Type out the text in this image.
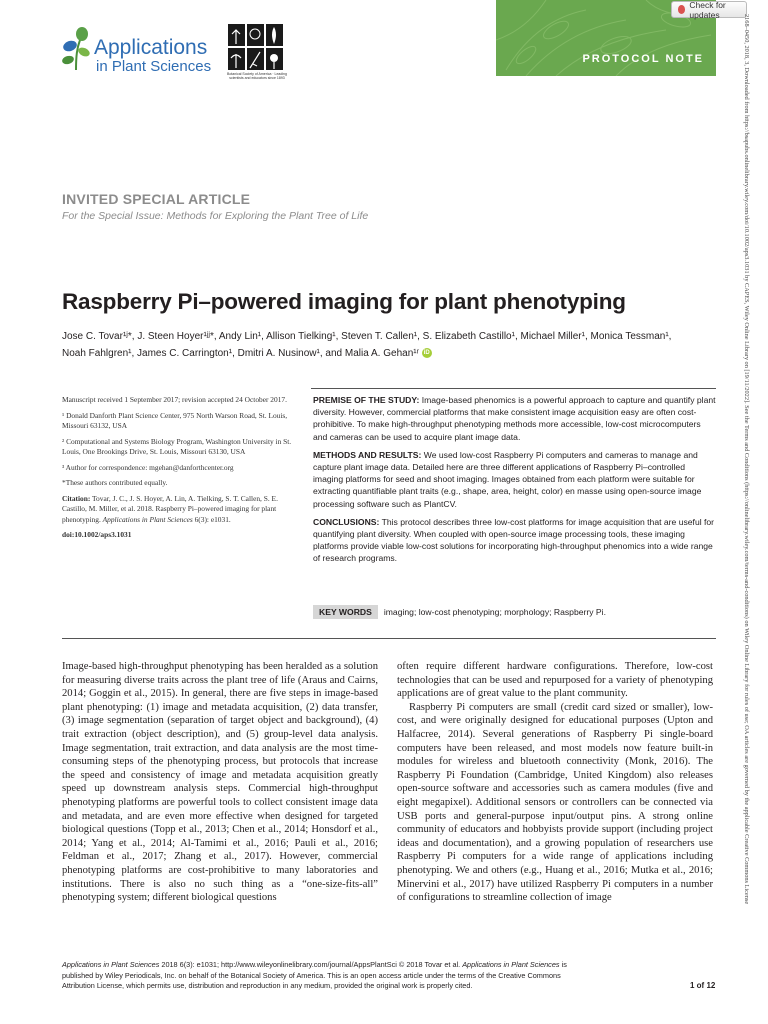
Applications
in Plant Sciences	Botanical Society of America · Leading scientists and educators since 1893
PROTOCOL NOTE
Check for updates	2168–0450, 2018, 3, Downloaded from https://bsapubs.onlinelibrary.wiley.com/doi/10.1002/aps3.1031 by CAPES, Wiley Online Library on [19/11/2022]. See the Terms and Conditions (https://onlinelibrary.wiley.com/terms-and-conditions) on Wiley Online Library for rules of use; OA articles are governed by the applicable Creative Commons License
INVITED SPECIAL ARTICLE
For the Special Issue: Methods for Exploring the Plant Tree of Life
Raspberry Pi–powered imaging for plant phenotyping
Jose C. Tovar¹ʲ*, J. Steen Hoyer¹ʲʲ*, Andy Lin¹, Allison Tielking¹, Steven T. Callen¹, S. Elizabeth Castillo¹, Michael Miller¹, Monica Tessman¹,
Noah Fahlgren¹, James C. Carrington¹, Dmitri A. Nusinow¹, and Malia A. Gehan¹ʳ iD

Manuscript received 1 September 2017; revision accepted 24 October 2017.

¹ Donald Danforth Plant Science Center, 975 North Warson Road, St. Louis, Missouri 63132, USA

² Computational and Systems Biology Program, Washington University in St. Louis, One Brookings Drive, St. Louis, Missouri 63130, USA

³ Author for correspondence: mgehan@danforthcenter.org

*These authors contributed equally.

Citation: Tovar, J. C., J. S. Hoyer, A. Lin, A. Tielking, S. T. Callen, S. E. Castillo, M. Miller, et al. 2018. Raspberry Pi–powered imaging for plant phenotyping. Applications in Plant Sciences 6(3): e1031.

doi:10.1002/aps3.1031

PREMISE OF THE STUDY: Image-based phenomics is a powerful approach to capture and quantify plant diversity. However, commercial platforms that make consistent image acquisition easy are often cost-prohibitive. To make high-throughput phenotyping methods more accessible, low-cost microcomputers and cameras can be used to acquire plant image data.

METHODS AND RESULTS: We used low-cost Raspberry Pi computers and cameras to manage and capture plant image data. Detailed here are three different applications of Raspberry Pi–controlled imaging platforms for seed and shoot imaging. Images obtained from each platform were suitable for extracting quantifiable plant traits (e.g., shape, area, height, color) en masse using open-source image processing software such as PlantCV.

CONCLUSIONS: This protocol describes three low-cost platforms for image acquisition that are useful for quantifying plant diversity. When coupled with open-source image processing tools, these imaging platforms provide viable low-cost solutions for incorporating high-throughput phenomics into a wide range of research programs.

KEY WORDS	imaging; low-cost phenotyping; morphology; Raspberry Pi.

Image-based high-throughput phenotyping has been heralded as a solution for measuring diverse traits across the plant tree of life (Araus and Cairns, 2014; Goggin et al., 2015). In general, there are five steps in image-based plant phenotyping: (1) image and metadata acquisition, (2) data transfer, (3) image segmentation (separation of target object and background), (4) trait extraction (object description), and (5) group-level data analysis. Image segmentation, trait extraction, and data analysis are the most time-consuming steps of the phenotyping process, but protocols that increase the speed and consistency of image and metadata acquisition greatly speed up downstream analysis steps. Commercial high-throughput phenotyping platforms are powerful tools to collect consistent image data and metadata, and are even more effective when designed for targeted biological questions (Topp et al., 2013; Chen et al., 2014; Honsdorf et al., 2014; Yang et al., 2014; Al-Tamimi et al., 2016; Pauli et al., 2016; Feldman et al., 2017; Zhang et al., 2017). However, commercial phenotyping platforms are cost-prohibitive to many laboratories and institutions. There is also no such thing as a “one-size-fits-all” phenotyping system; different biological questions

often require different hardware configurations. Therefore, low-cost technologies that can be used and repurposed for a variety of phenotyping applications are of great value to the plant community.

Raspberry Pi computers are small (credit card sized or smaller), low-cost, and were originally designed for educational purposes (Upton and Halfacree, 2014). Several generations of Raspberry Pi single-board computers have been released, and most models now feature built-in modules for wireless and bluetooth connectivity (Monk, 2016). The Raspberry Pi Foundation (Cambridge, United Kingdom) also releases open-source software and accessories such as camera modules (five and eight megapixel). Additional sensors or controllers can be connected via USB ports and general-purpose input/output pins. A strong online community of educators and hobbyists provide support (including project ideas and documentation), and a growing population of researchers use Raspberry Pi computers for a wide range of applications including phenotyping. We and others (e.g., Huang et al., 2016; Mutka et al., 2016; Minervini et al., 2017) have utilized Raspberry Pi computers in a number of configurations to streamline collection of image

Applications in Plant Sciences 2018 6(3): e1031; http://www.wileyonlinelibrary.com/journal/AppsPlantSci © 2018 Tovar et al. Applications in Plant Sciences is
published by Wiley Periodicals, Inc. on behalf of the Botanical Society of America. This is an open access article under the terms of the Creative Commons
Attribution License, which permits use, distribution and reproduction in any medium, provided the original work is properly cited.	1 of 12
